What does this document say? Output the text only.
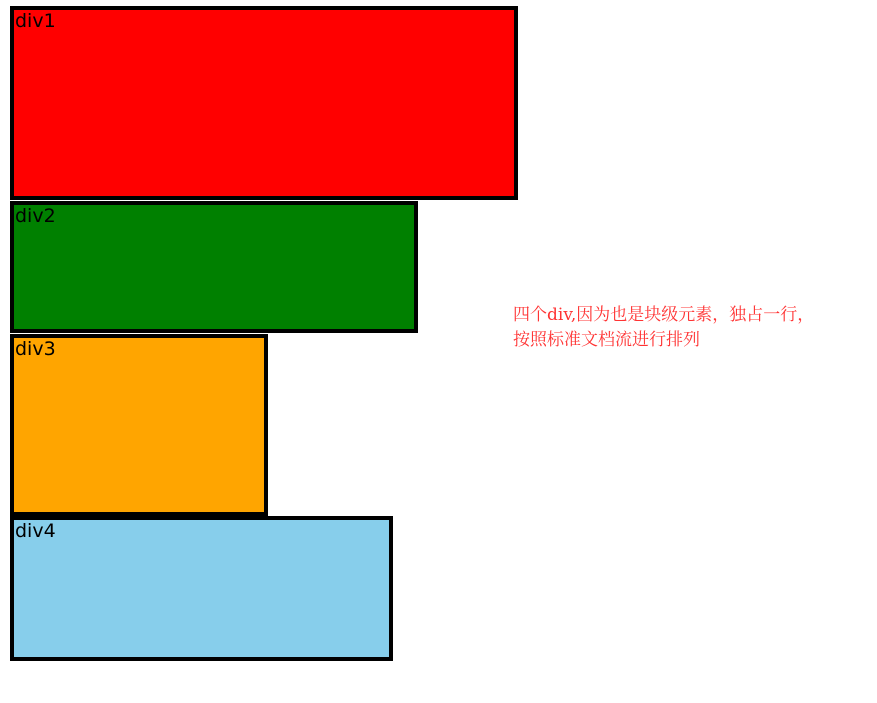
div1
div2
div3
div4
四个div,因为也是块级元素，独占一行，
按照标准文档流进行排列
